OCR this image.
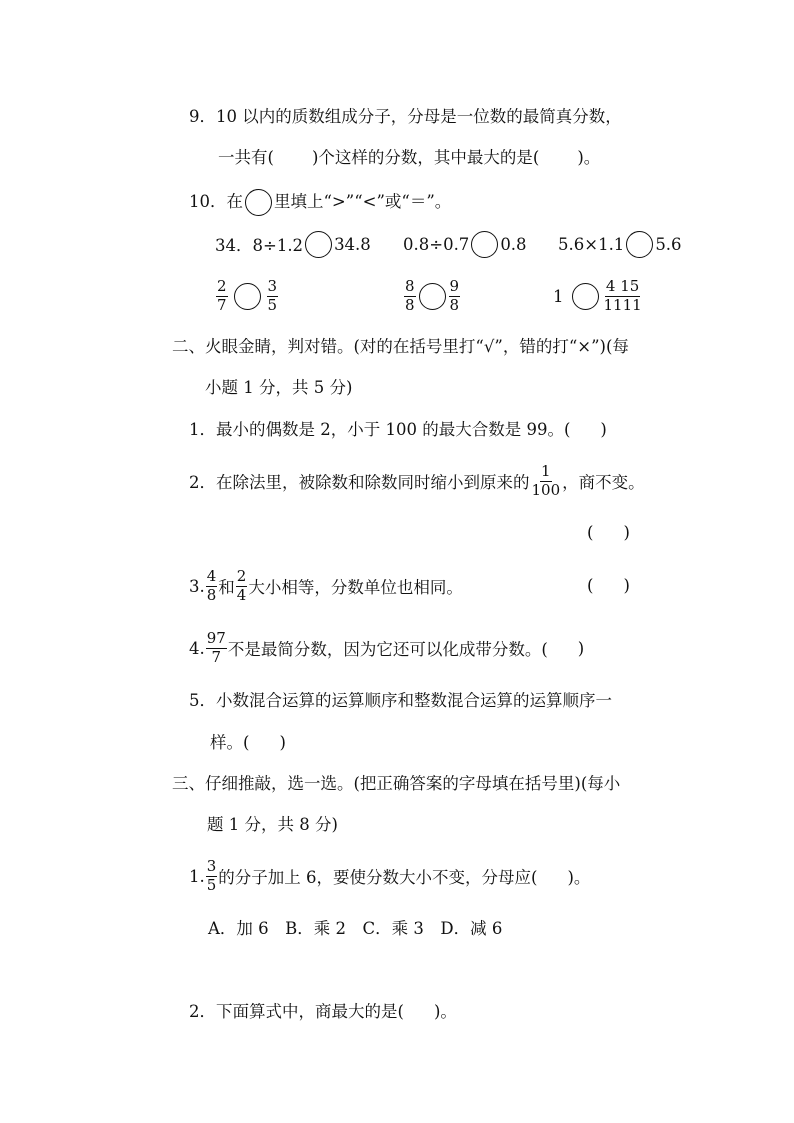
9．10 以内的质数组成分子，分母是一位数的最简真分数，
一共有( )个这样的分数，其中最大的是( )。
10．在 里填上“>”“<”或“＝”。
34．8÷1.2 34.8 0.8÷0.7 0.8 5.6×1.1 5.6
$\frac{2}{7}$	$\frac{3}{5}$	$\frac{8}{8} \frac{9}{8}$	1	$\frac{4 15}{1111}$
二、火眼金睛，判对错。(对的在括号里打“√”，错的打“×”)(每
小题 1 分，共 5 分)
1．最小的偶数是 2，小于 100 的最大合数是 99。( )
2．在除法里，被除数和除数同时缩小到原来的 $\frac{1}{100}$ ，商不变。
( )
3. $\frac{4}{8}$ 和 $\frac{2}{4}$ 大小相等，分数单位也相同。	( )
4. $\frac{97}{7}$ 不是最简分数，因为它还可以化成带分数。( )
5．小数混合运算的运算顺序和整数混合运算的运算顺序一
样。( )
三、仔细推敲，选一选。(把正确答案的字母填在括号里)(每小
题 1 分，共 8 分)
1. $\frac{3}{5}$ 的分子加上 6，要使分数大小不变，分母应( )。
A．加 6　B．乘 2　C．乘 3　D．减 6
2．下面算式中，商最大的是( )。
